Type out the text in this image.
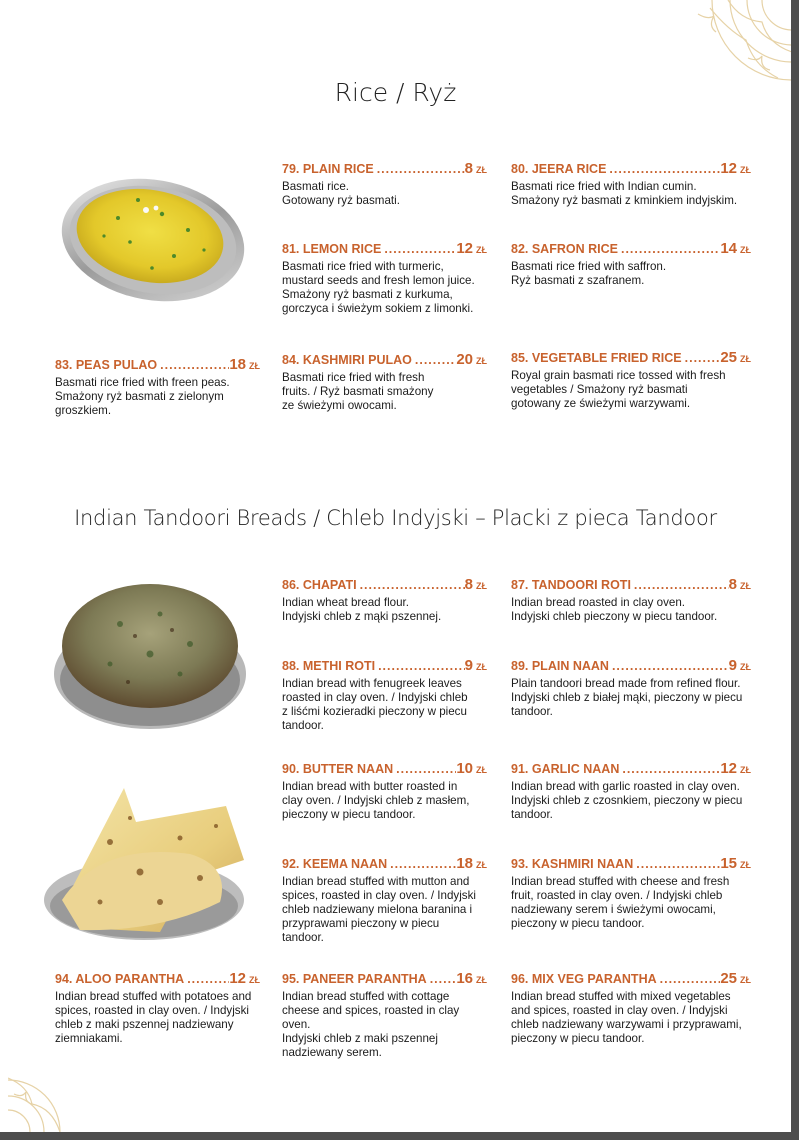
Rice / Ryż
Indian Tandoori Breads / Chleb Indyjski – Placki z pieca Tandoor
79. PLAIN RICE .....	8 ZŁ
Basmati rice.
Gotowany ryż basmati.
80. JEERA RICE .....	12 ZŁ
Basmati rice fried with Indian cumin.
Smażony ryż basmati z kminkiem indyjskim.
81. LEMON RICE .....	12 ZŁ
Basmati rice fried with turmeric,
mustard seeds and fresh lemon juice.
Smażony ryż basmati z kurkuma,
gorczyca i świeżym sokiem z limonki.
82. SAFRON RICE .....	14 ZŁ
Basmati rice fried with saffron.
Ryż basmati z szafranem.
83. PEAS PULAO .....	18 ZŁ
Basmati rice fried with freen peas.
Smażony ryż basmati z zielonym
groszkiem.
84. KASHMIRI PULAO .....	20 ZŁ
Basmati rice fried with fresh
fruits. / Ryż basmati smażony
ze świeżymi owocami.
85. VEGETABLE FRIED RICE .....	25 ZŁ
Royal grain basmati rice tossed with fresh
vegetables / Smażony ryż basmati
gotowany ze świeżymi warzywami.
86. CHAPATI .....	8 ZŁ
Indian wheat bread flour.
Indyjski chleb z mąki pszennej.
87. TANDOORI ROTI .....	8 ZŁ
Indian bread roasted in clay oven.
Indyjski chleb pieczony w piecu tandoor.
88. METHI ROTI .....	9 ZŁ
Indian bread with fenugreek leaves
roasted in clay oven. / Indyjski chleb
z liśćmi kozieradki pieczony w piecu
tandoor.
89. PLAIN NAAN .....	9 ZŁ
Plain tandoori bread made from refined flour.
Indyjski chleb z białej mąki, pieczony w piecu
tandoor.
90. BUTTER NAAN .....	10 ZŁ
Indian bread with butter roasted in
clay oven. / Indyjski chleb z masłem,
pieczony w piecu tandoor.
91. GARLIC NAAN .....	12 ZŁ
Indian bread with garlic roasted in clay oven.
Indyjski chleb z czosnkiem, pieczony w piecu
tandoor.
92. KEEMA NAAN .....	18 ZŁ
Indian bread stuffed with mutton and
spices, roasted in clay oven. / Indyjski
chleb nadziewany mielona baranina i
przyprawami pieczony w piecu
tandoor.
93. KASHMIRI NAAN .....	15 ZŁ
Indian bread stuffed with cheese and fresh
fruit, roasted in clay oven. / Indyjski chleb
nadziewany serem i świeżymi owocami,
pieczony w piecu tandoor.
94. ALOO PARANTHA .....	12 ZŁ
Indian bread stuffed with potatoes and
spices, roasted in clay oven. / Indyjski
chleb z maki pszennej nadziewany
ziemniakami.
95. PANEER PARANTHA ..... 16 ZŁ
Indian bread stuffed with cottage
cheese and spices, roasted in clay oven.
Indyjski chleb z maki pszennej
nadziewany serem.
96. MIX VEG PARANTHA .....	25 ZŁ
Indian bread stuffed with mixed vegetables
and spices, roasted in clay oven. / Indyjski
chleb nadziewany warzywami i przyprawami,
pieczony w piecu tandoor.
